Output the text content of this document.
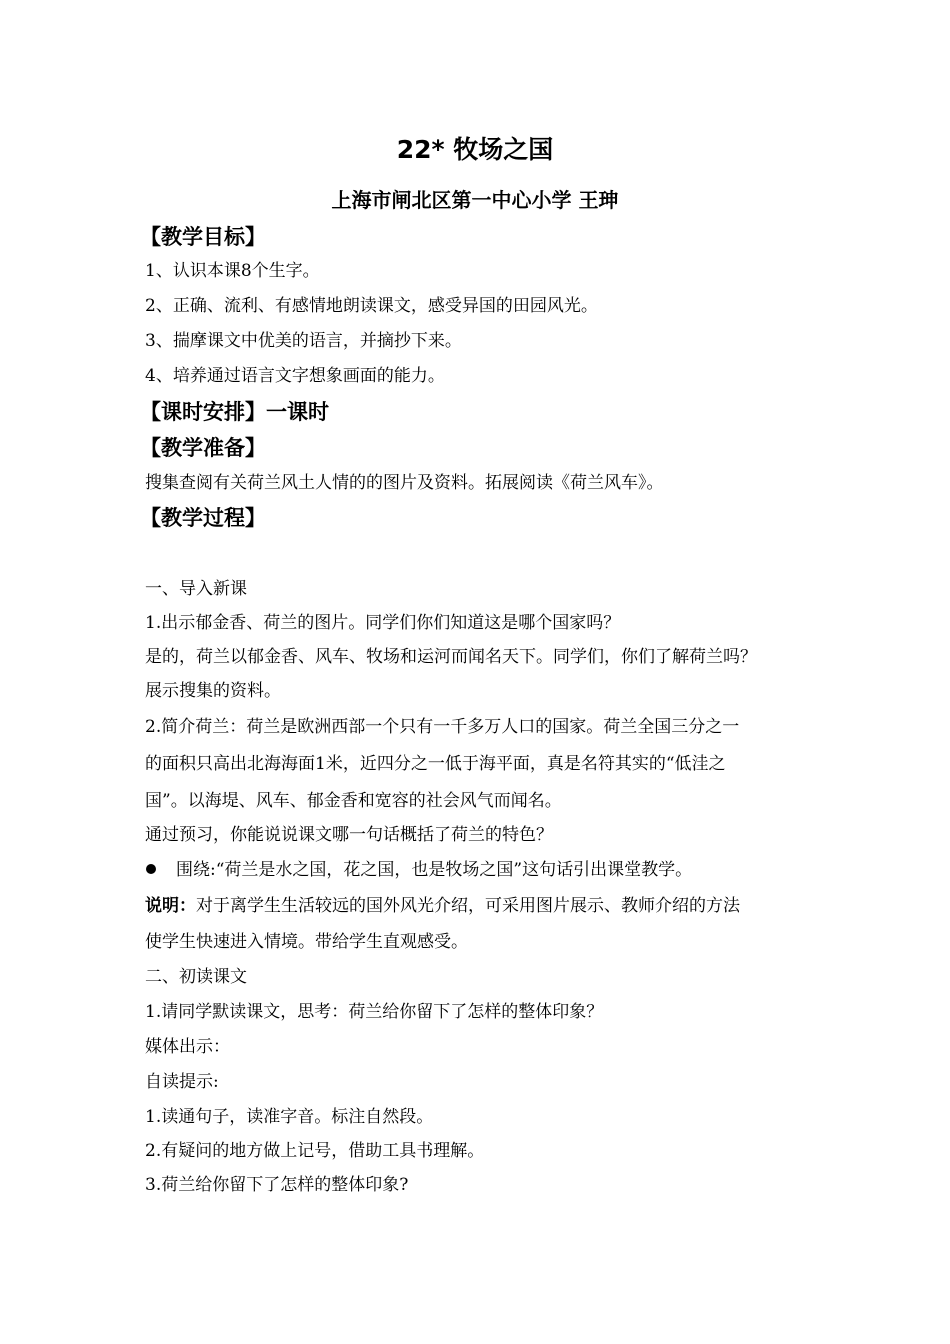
22* 牧场之国
上海市闸北区第一中心小学 王珅
【教学目标】
1、认识本课8个生字。
2、正确、流利、有感情地朗读课文，感受异国的田园风光。
3、揣摩课文中优美的语言，并摘抄下来。
4、培养通过语言文字想象画面的能力。
【课时安排】一课时
【教学准备】
搜集查阅有关荷兰风土人情的的图片及资料。拓展阅读《荷兰风车》。
【教学过程】
一、导入新课
1.出示郁金香、荷兰的图片。同学们你们知道这是哪个国家吗？
是的，荷兰以郁金香、风车、牧场和运河而闻名天下。同学们，你们了解荷兰吗？
展示搜集的资料。
2.简介荷兰：荷兰是欧洲西部一个只有一千多万人口的国家。荷兰全国三分之一
的面积只高出北海海面1米，近四分之一低于海平面，真是名符其实的“低洼之
国”。以海堤、风车、郁金香和宽容的社会风气而闻名。
通过预习，你能说说课文哪一句话概括了荷兰的特色？
围绕:“荷兰是水之国，花之国，也是牧场之国”这句话引出课堂教学。
说明：对于离学生生活较远的国外风光介绍，可采用图片展示、教师介绍的方法
使学生快速进入情境。带给学生直观感受。
二、初读课文
1.请同学默读课文，思考：荷兰给你留下了怎样的整体印象？
媒体出示：
自读提示:
1.读通句子，读准字音。标注自然段。
2.有疑问的地方做上记号，借助工具书理解。
3.荷兰给你留下了怎样的整体印象?
